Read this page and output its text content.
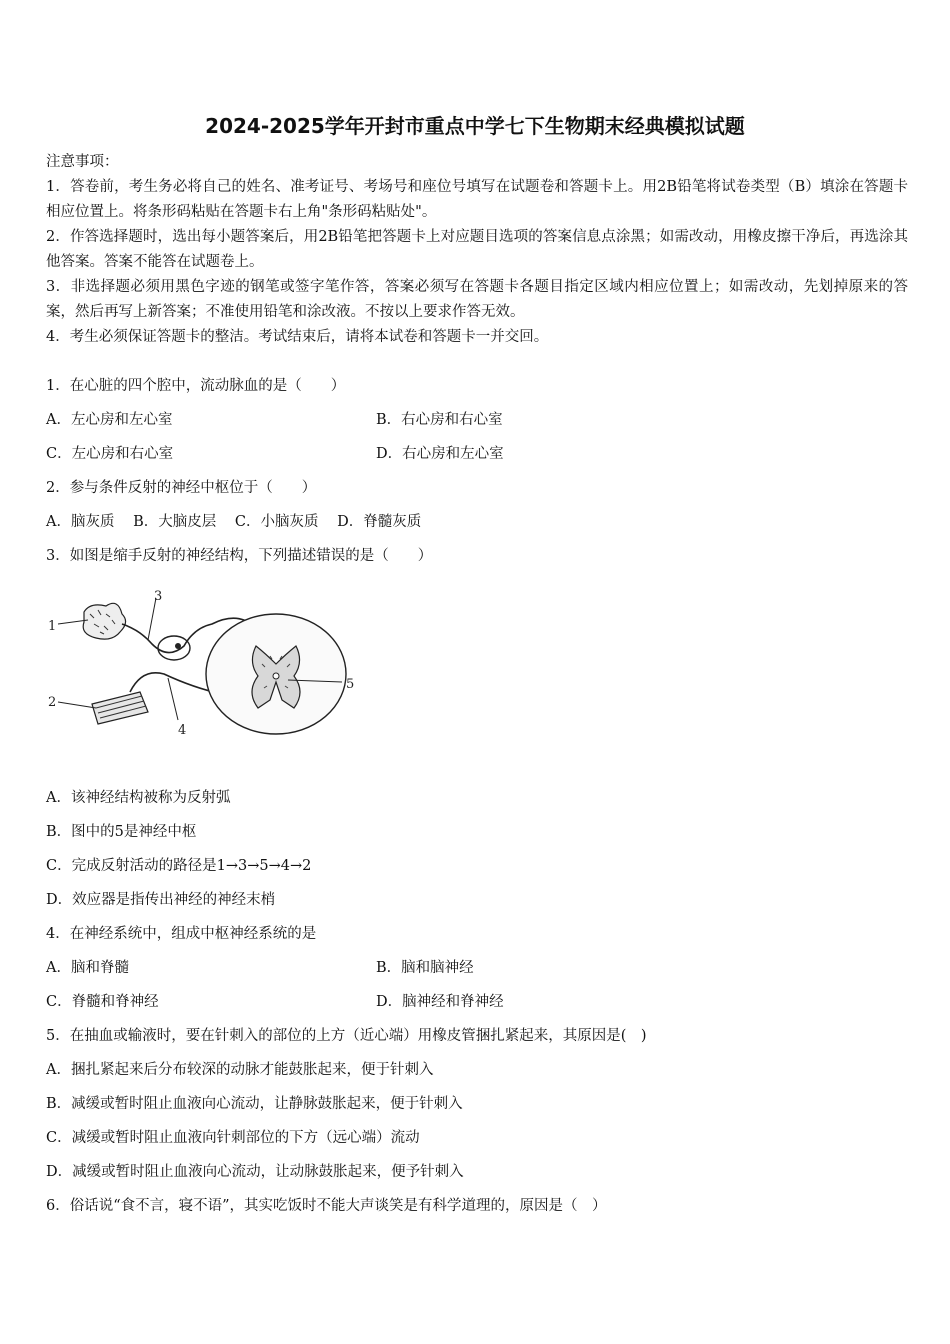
2024-2025学年开封市重点中学七下生物期末经典模拟试题

注意事项：

1．答卷前，考生务必将自己的姓名、准考证号、考场号和座位号填写在试题卷和答题卡上。用2B铅笔将试卷类型（B）填涂在答题卡相应位置上。将条形码粘贴在答题卡右上角"条形码粘贴处"。

2．作答选择题时，选出每小题答案后，用2B铅笔把答题卡上对应题目选项的答案信息点涂黑；如需改动，用橡皮擦干净后，再选涂其他答案。答案不能答在试题卷上。

3．非选择题必须用黑色字迹的钢笔或签字笔作答，答案必须写在答题卡各题目指定区域内相应位置上；如需改动，先划掉原来的答案，然后再写上新答案；不准使用铅笔和涂改液。不按以上要求作答无效。

4．考生必须保证答题卡的整洁。考试结束后，请将本试卷和答题卡一并交回。

1．在心脏的四个腔中，流动脉血的是（　　）
A．左心房和左心室	B．右心房和右心室
C．左心房和右心室	D．右心房和左心室
2．参与条件反射的神经中枢位于（　　）
A．脑灰质 B．大脑皮层 C．小脑灰质 D．脊髓灰质
3．如图是缩手反射的神经结构，下列描述错误的是（　　）
1
2
3
4
5
A．该神经结构被称为反射弧
B．图中的5是神经中枢
C．完成反射活动的路径是1→3→5→4→2
D．效应器是指传出神经的神经末梢
4．在神经系统中，组成中枢神经系统的是
A．脑和脊髓	B．脑和脑神经
C．脊髓和脊神经	D．脑神经和脊神经
5．在抽血或输液时，要在针刺入的部位的上方（近心端）用橡皮管捆扎紧起来，其原因是(　)
A．捆扎紧起来后分布较深的动脉才能鼓胀起来，便于针刺入
B．减缓或暂时阻止血液向心流动，让静脉鼓胀起来，便于针刺入
C．减缓或暂时阻止血液向针刺部位的下方（远心端）流动
D．减缓或暂时阻止血液向心流动，让动脉鼓胀起来，便予针刺入
6．俗话说“食不言，寝不语”，其实吃饭时不能大声谈笑是有科学道理的，原因是（　）
